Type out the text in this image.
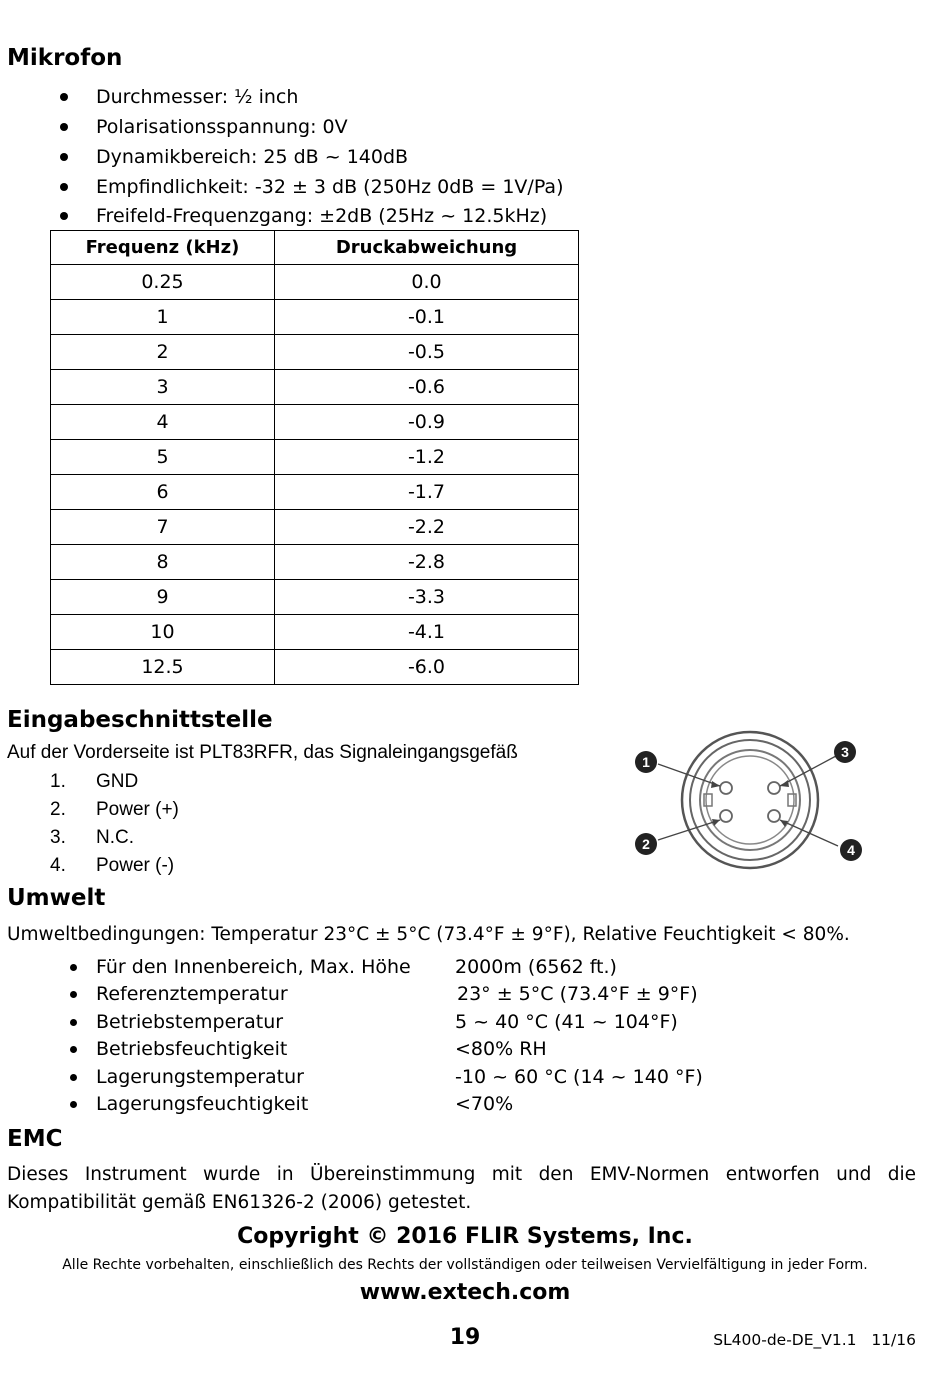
Mikrofon

Durchmesser: ½ inch

Polarisationsspannung: 0V

Dynamikbereich: 25 dB ~ 140dB

Empfindlichkeit: -32 ± 3 dB (250Hz 0dB = 1V/Pa)

Freifeld-Frequenzgang: ±2dB (25Hz ~ 12.5kHz)

Frequenz (kHz)	Druckabweichung
0.25	0.0
1	-0.1
2	-0.5
3	-0.6
4	-0.9
5	-1.2
6	-1.7
7	-2.2
8	-2.8
9	-3.3
10	-4.1
12.5	-6.0
Eingabeschnittstelle

Auf der Vorderseite ist PLT83RFR, das Signaleingangsgefäß

1. GND
2. Power (+)
3. N.C.
4. Power (-)
1
3
2	4
Umwelt

Umweltbedingungen: Temperatur 23°C ± 5°C (73.4°F ± 9°F), Relative Feuchtigkeit < 80%.

Für den Innenbereich, Max. Höhe 2000m (6562 ft.)
Referenztemperatur	23° ± 5°C (73.4°F ± 9°F)
Betriebstemperatur	5 ~ 40 °C (41 ~ 104°F)
Betriebsfeuchtigkeit	<80% RH
Lagerungstemperatur	-10 ~ 60 °C (14 ~ 140 °F)
Lagerungsfeuchtigkeit	<70%
EMC

Dieses Instrument wurde in Übereinstimmung mit den EMV-Normen entworfen und die

Kompatibilität gemäß EN61326-2 (2006) getestet.

Copyright © 2016 FLIR Systems, Inc.

Alle Rechte vorbehalten, einschließlich des Rechts der vollständigen oder teilweisen Vervielfältigung in jeder Form.

www.extech.com

19	SL400-de-DE_V1.1   11/16
